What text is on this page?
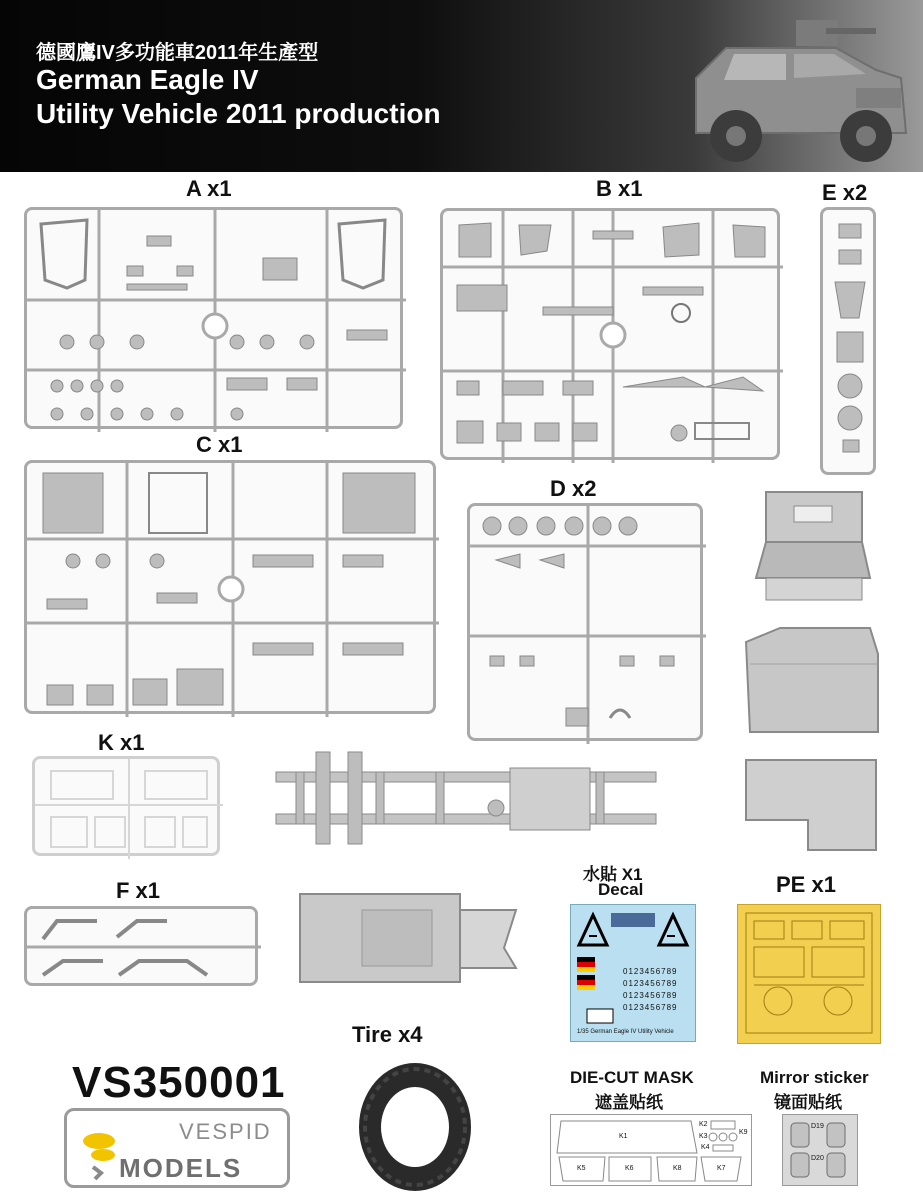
德國鷹IV多功能車2011年生產型
German Eagle IV
Utility Vehicle 2011 production
A x1	B x1	E x2
C x1
D x2
K x1
F x1
水貼 X1
Decal
0123456789
0123456789
0123456789
0123456789
1/35 German Eagle IV Utility Vehicle
PE x1
Tire x4
DIE-CUT MASK
遮盖贴纸
K1
K2
K3
K4
K5	K6	K7
K8
K9
Mirror sticker
镜面贴纸
D19
D20
VS350001
VESPID
MODELS
